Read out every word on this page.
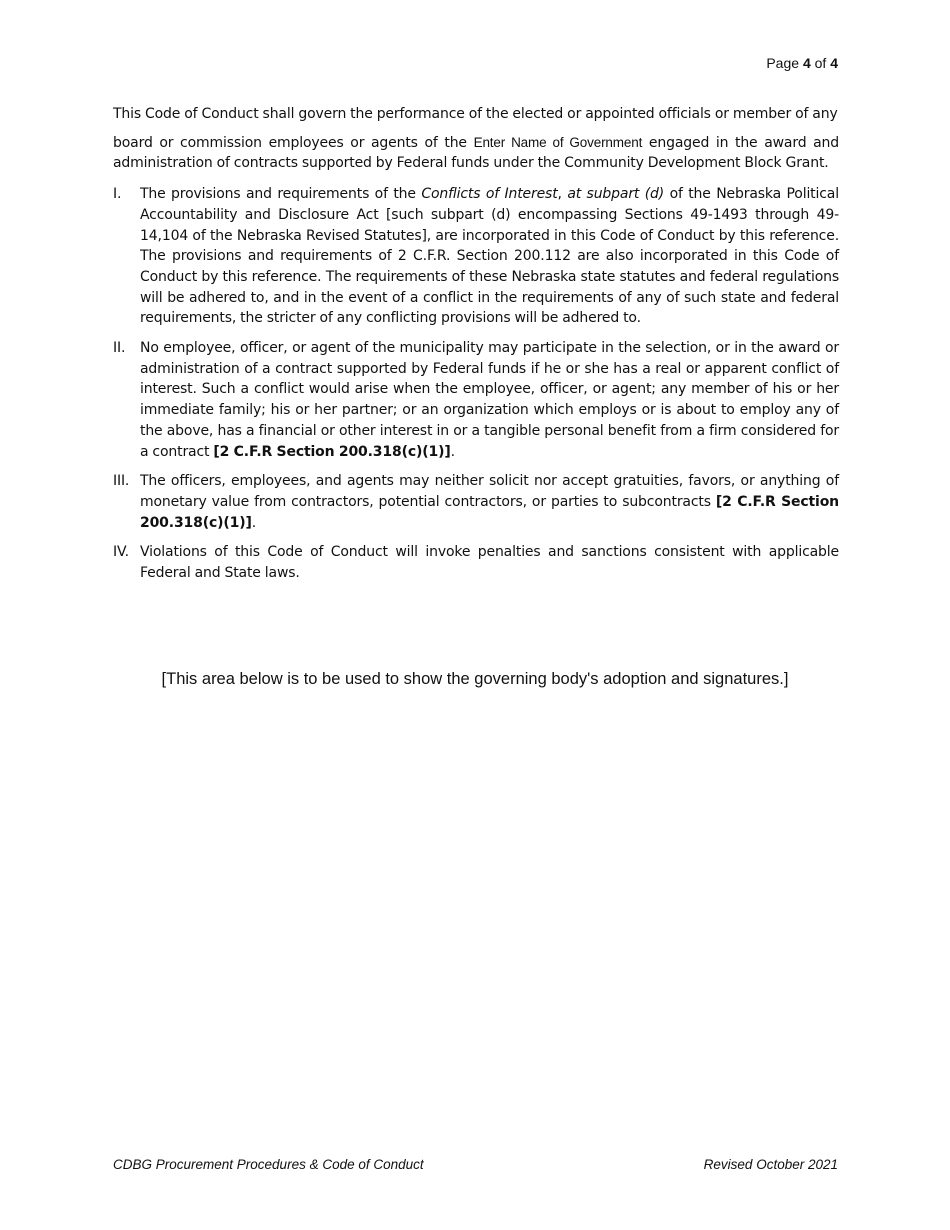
Page 4 of 4

This Code of Conduct shall govern the performance of the elected or appointed officials or member of any

board or commission employees or agents of the Enter Name of Government engaged in the award and administration of contracts supported by Federal funds under the Community Development Block Grant.

I. The provisions and requirements of the Conflicts of Interest, at subpart (d) of the Nebraska Political Accountability and Disclosure Act [such subpart (d) encompassing Sections 49-1493 through 49-14,104 of the Nebraska Revised Statutes], are incorporated in this Code of Conduct by this reference. The provisions and requirements of 2 C.F.R. Section 200.112 are also incorporated in this Code of Conduct by this reference. The requirements of these Nebraska state statutes and federal regulations will be adhered to, and in the event of a conflict in the requirements of any of such state and federal requirements, the stricter of any conflicting provisions will be adhered to.
II. No employee, officer, or agent of the municipality may participate in the selection, or in the award or administration of a contract supported by Federal funds if he or she has a real or apparent conflict of interest. Such a conflict would arise when the employee, officer, or agent; any member of his or her immediate family; his or her partner; or an organization which employs or is about to employ any of the above, has a financial or other interest in or a tangible personal benefit from a firm considered for a contract [2 C.F.R Section 200.318(c)(1)].
III. The officers, employees, and agents may neither solicit nor accept gratuities, favors, or anything of monetary value from contractors, potential contractors, or parties to subcontracts [2 C.F.R Section 200.318(c)(1)].
IV. Violations of this Code of Conduct will invoke penalties and sanctions consistent with applicable Federal and State laws.
[This area below is to be used to show the governing body's adoption and signatures.]
CDBG Procurement Procedures & Code of Conduct	Revised October 2021
